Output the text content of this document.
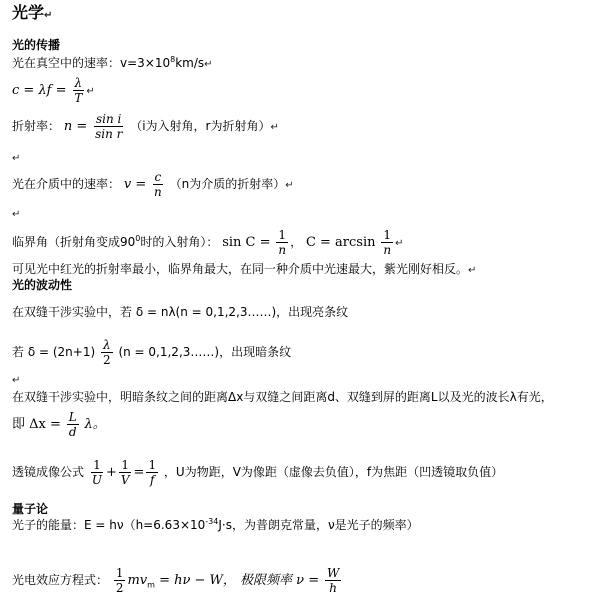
光学↵
光的传播
光在真空中的速率：$v=3\times 10^8km/s↵$
$c = \lambda f = \frac{\lambda}{T}$ ↵
折射率： $n = \frac{\text{sin i}}{\text{sin r}} (i$为入射角，r为折射角）↵
↵
光在介质中的速率： $v = \frac{c}{n} (n$为介质的折射率）↵
↵
临界角（折射角变成$90^0$时的入射角）： $\sin C = \frac{1}{n}$ ， $C = \arcsin \frac{1}{n}$ ↵
可见光中红光的折射率最小，临界角最大，在同一种介质中光速最大，紫光刚好相反。↵
光的波动性
在双缝干涉实验中，若 δ = nλ(n = 0,1,2,3……)，出现亮条纹
若 $\delta = (2n+1) \frac{\lambda}{2} (n$ = 0,1,2,3……)，出现暗条纹
↵
在双缝干涉实验中，明暗条纹之间的距离Δx与双缝之间距离d、双缝到屏的距离L以及光的波长λ有光，
即 $\Delta x = \frac{L}{d}$ λ。
透镜成像公式 $\frac{1}{U} + \frac{1}{V} = \frac{1}{f}$ ，U为物距，V为像距（虚像去负值），f为焦距（凹透镜取负值）
量子论
光子的能量：$E = h\nu(h=6.63\times 10^{-34}J\cdot s$，为普朗克常量，ν是光子的频率）
光电效应方程式： $\frac{1}{2} mv_m = h\nu - W$， 极限频率 $\nu = \frac{W}{h}$
